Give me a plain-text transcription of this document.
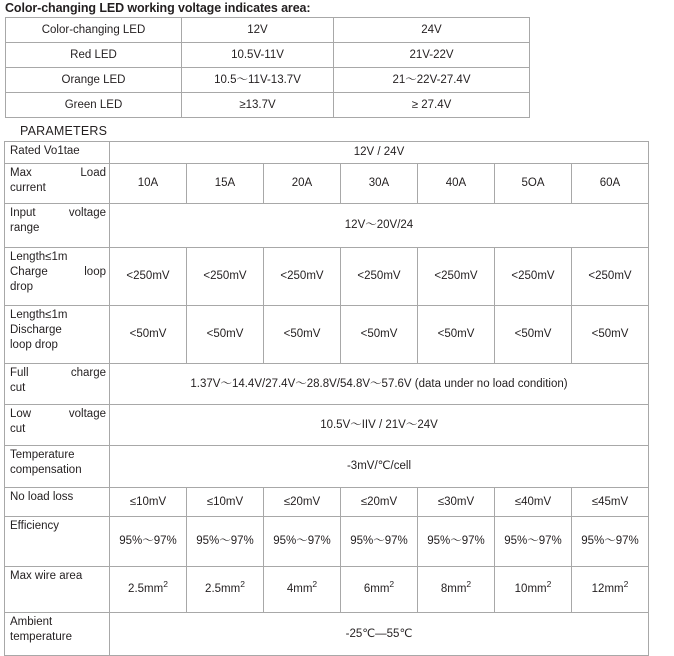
Color-changing LED working voltage indicates area:
Color-changing LED	12V	24V
Red LED	10.5V-11V	21V-22V
Orange LED	10.5～11V-13.7V	21～22V-27.4V
Green LED	≥13.7V	≥ 27.4V
PARAMETERS
Rated Vo1tae	12V / 24V						

Max Load
current	10A	15A	20A	30A	40A	5OA	60A

Input voltage
range	12V～20V/24						

Length≤1m
Charge loop
drop	<250mV	<250mV	<250mV	<250mV	<250mV	<250mV	<250mV

Length≤1m
Discharge
loop drop	<50mV	<50mV	<50mV	<50mV	<50mV	<50mV	<50mV

Full charge
cut	1.37V～14.4V/27.4V～28.8V/54.8V～57.6V (data under no load condition)						

Low voltage
cut	10.5V～IIV / 21V～24V						

Temperature
compensation	-3mV/℃/cell						

No load loss	≤10mV	≤10mV	≤20mV	≤20mV	≤30mV	≤40mV	≤45mV

Efficiency	95%～97%	95%～97%	95%～97%	95%～97%	95%～97%	95%～97%	95%～97%

Max wire area	$2.5mm^2$	$2.5mm^2$	$4mm^2$	$6mm^2$	$8mm^2$	$10mm^2$	$12mm^2$

Ambient
temperature	-25℃—55℃						
